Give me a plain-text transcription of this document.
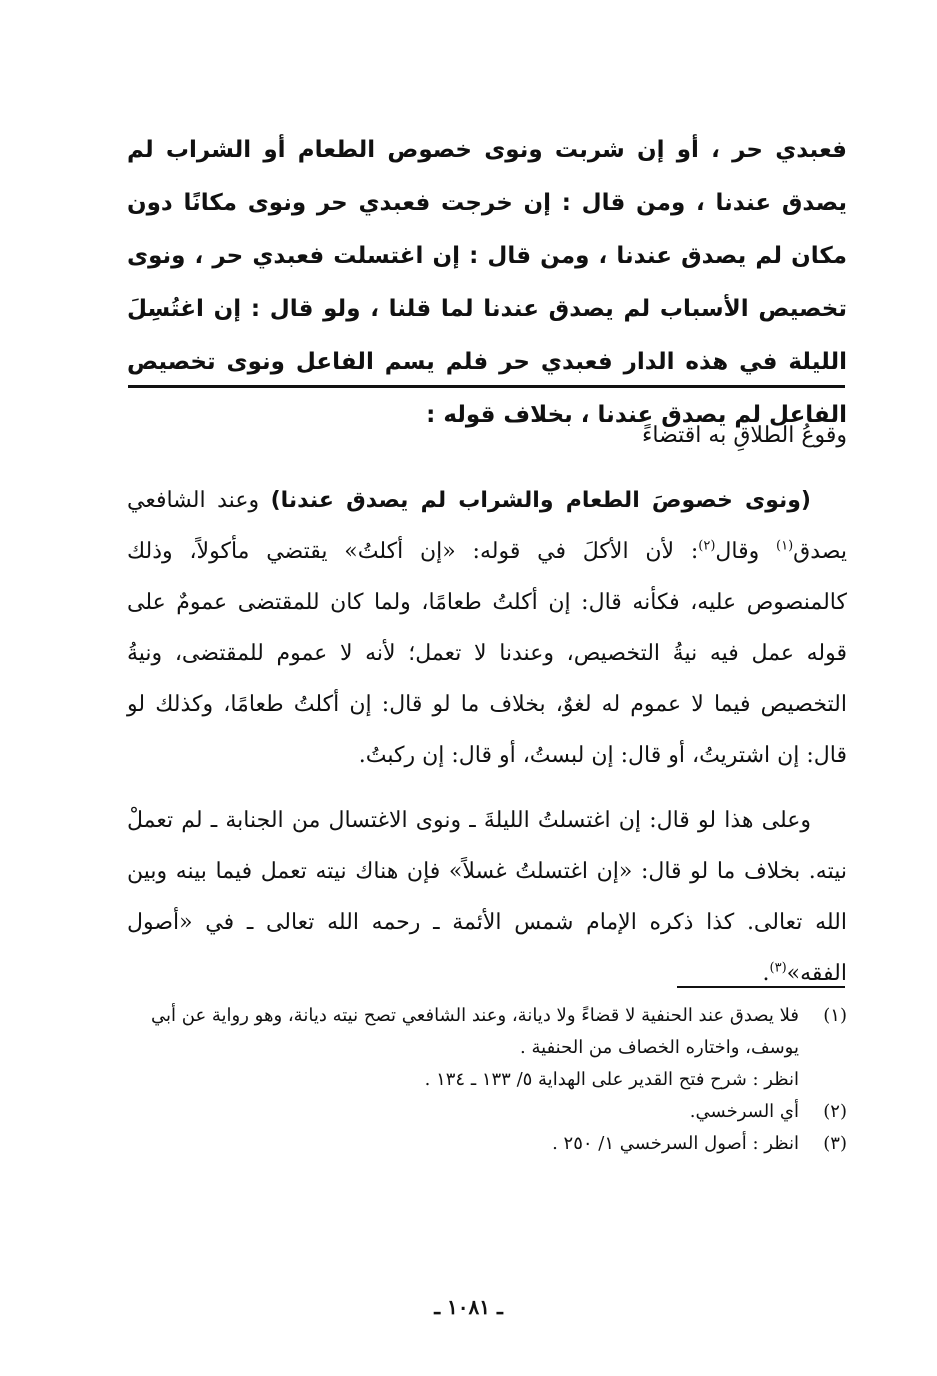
فعبدي حر ، أو إن شربت ونوى خصوص الطعام أو الشراب لم يصدق عندنا ، ومن قال : إن خرجت فعبدي حر ونوى مكانًا دون مكان لم يصدق عندنا ، ومن قال : إن اغتسلت فعبدي حر ، ونوى تخصيص الأسباب لم يصدق عندنا لما قلنا ، ولو قال : إن اغتُسِلَ الليلة في هذه الدار فعبدي حر فلم يسم الفاعل ونوى تخصيص الفاعل لم يصدق عندنا ، بخلاف قوله :

وقوعُ الطلاقِ به اقتضاءً

(ونوى خصوصَ الطعام والشراب لم يصدق عندنا) وعند الشافعي يصدق$^{(١)}$ وقال$^{(٢)}$: لأن الأكلَ في قوله: «إن أكلتُ» يقتضي مأكولاً، وذلك كالمنصوص عليه، فكأنه قال: إن أكلتُ طعامًا، ولما كان للمقتضى عمومٌ على قوله عمل فيه نيةُ التخصيص، وعندنا لا تعمل؛ لأنه لا عموم للمقتضى، ونيةُ التخصيص فيما لا عموم له لغوٌ، بخلاف ما لو قال: إن أكلتُ طعامًا، وكذلك لو قال: إن اشتريتُ، أو قال: إن لبستُ، أو قال: إن ركبتُ.

وعلى هذا لو قال: إن اغتسلتُ الليلةَ ـ ونوى الاغتسال من الجنابة ـ لم تعملْ نيته. بخلاف ما لو قال: «إن اغتسلتُ غسلاً» فإن هناك نيته تعمل فيما بينه وبين الله تعالى. كذا ذكره الإمام شمس الأئمة ـ رحمه الله تعالى ـ في «أصول الفقه»$^{(٣)}$.

(١)
فلا يصدق عند الحنفية لا قضاءً ولا ديانة، وعند الشافعي تصح نيته ديانة، وهو رواية عن أبي يوسف، واختاره الخصاف من الحنفية .
انظر : شرح فتح القدير على الهداية ٥/ ١٣٣ ـ ١٣٤ .
(٢)
أي السرخسي.
(٣)
انظر : أصول السرخسي ١/ ٢٥٠ .
ـ ١٠٨١ ـ
